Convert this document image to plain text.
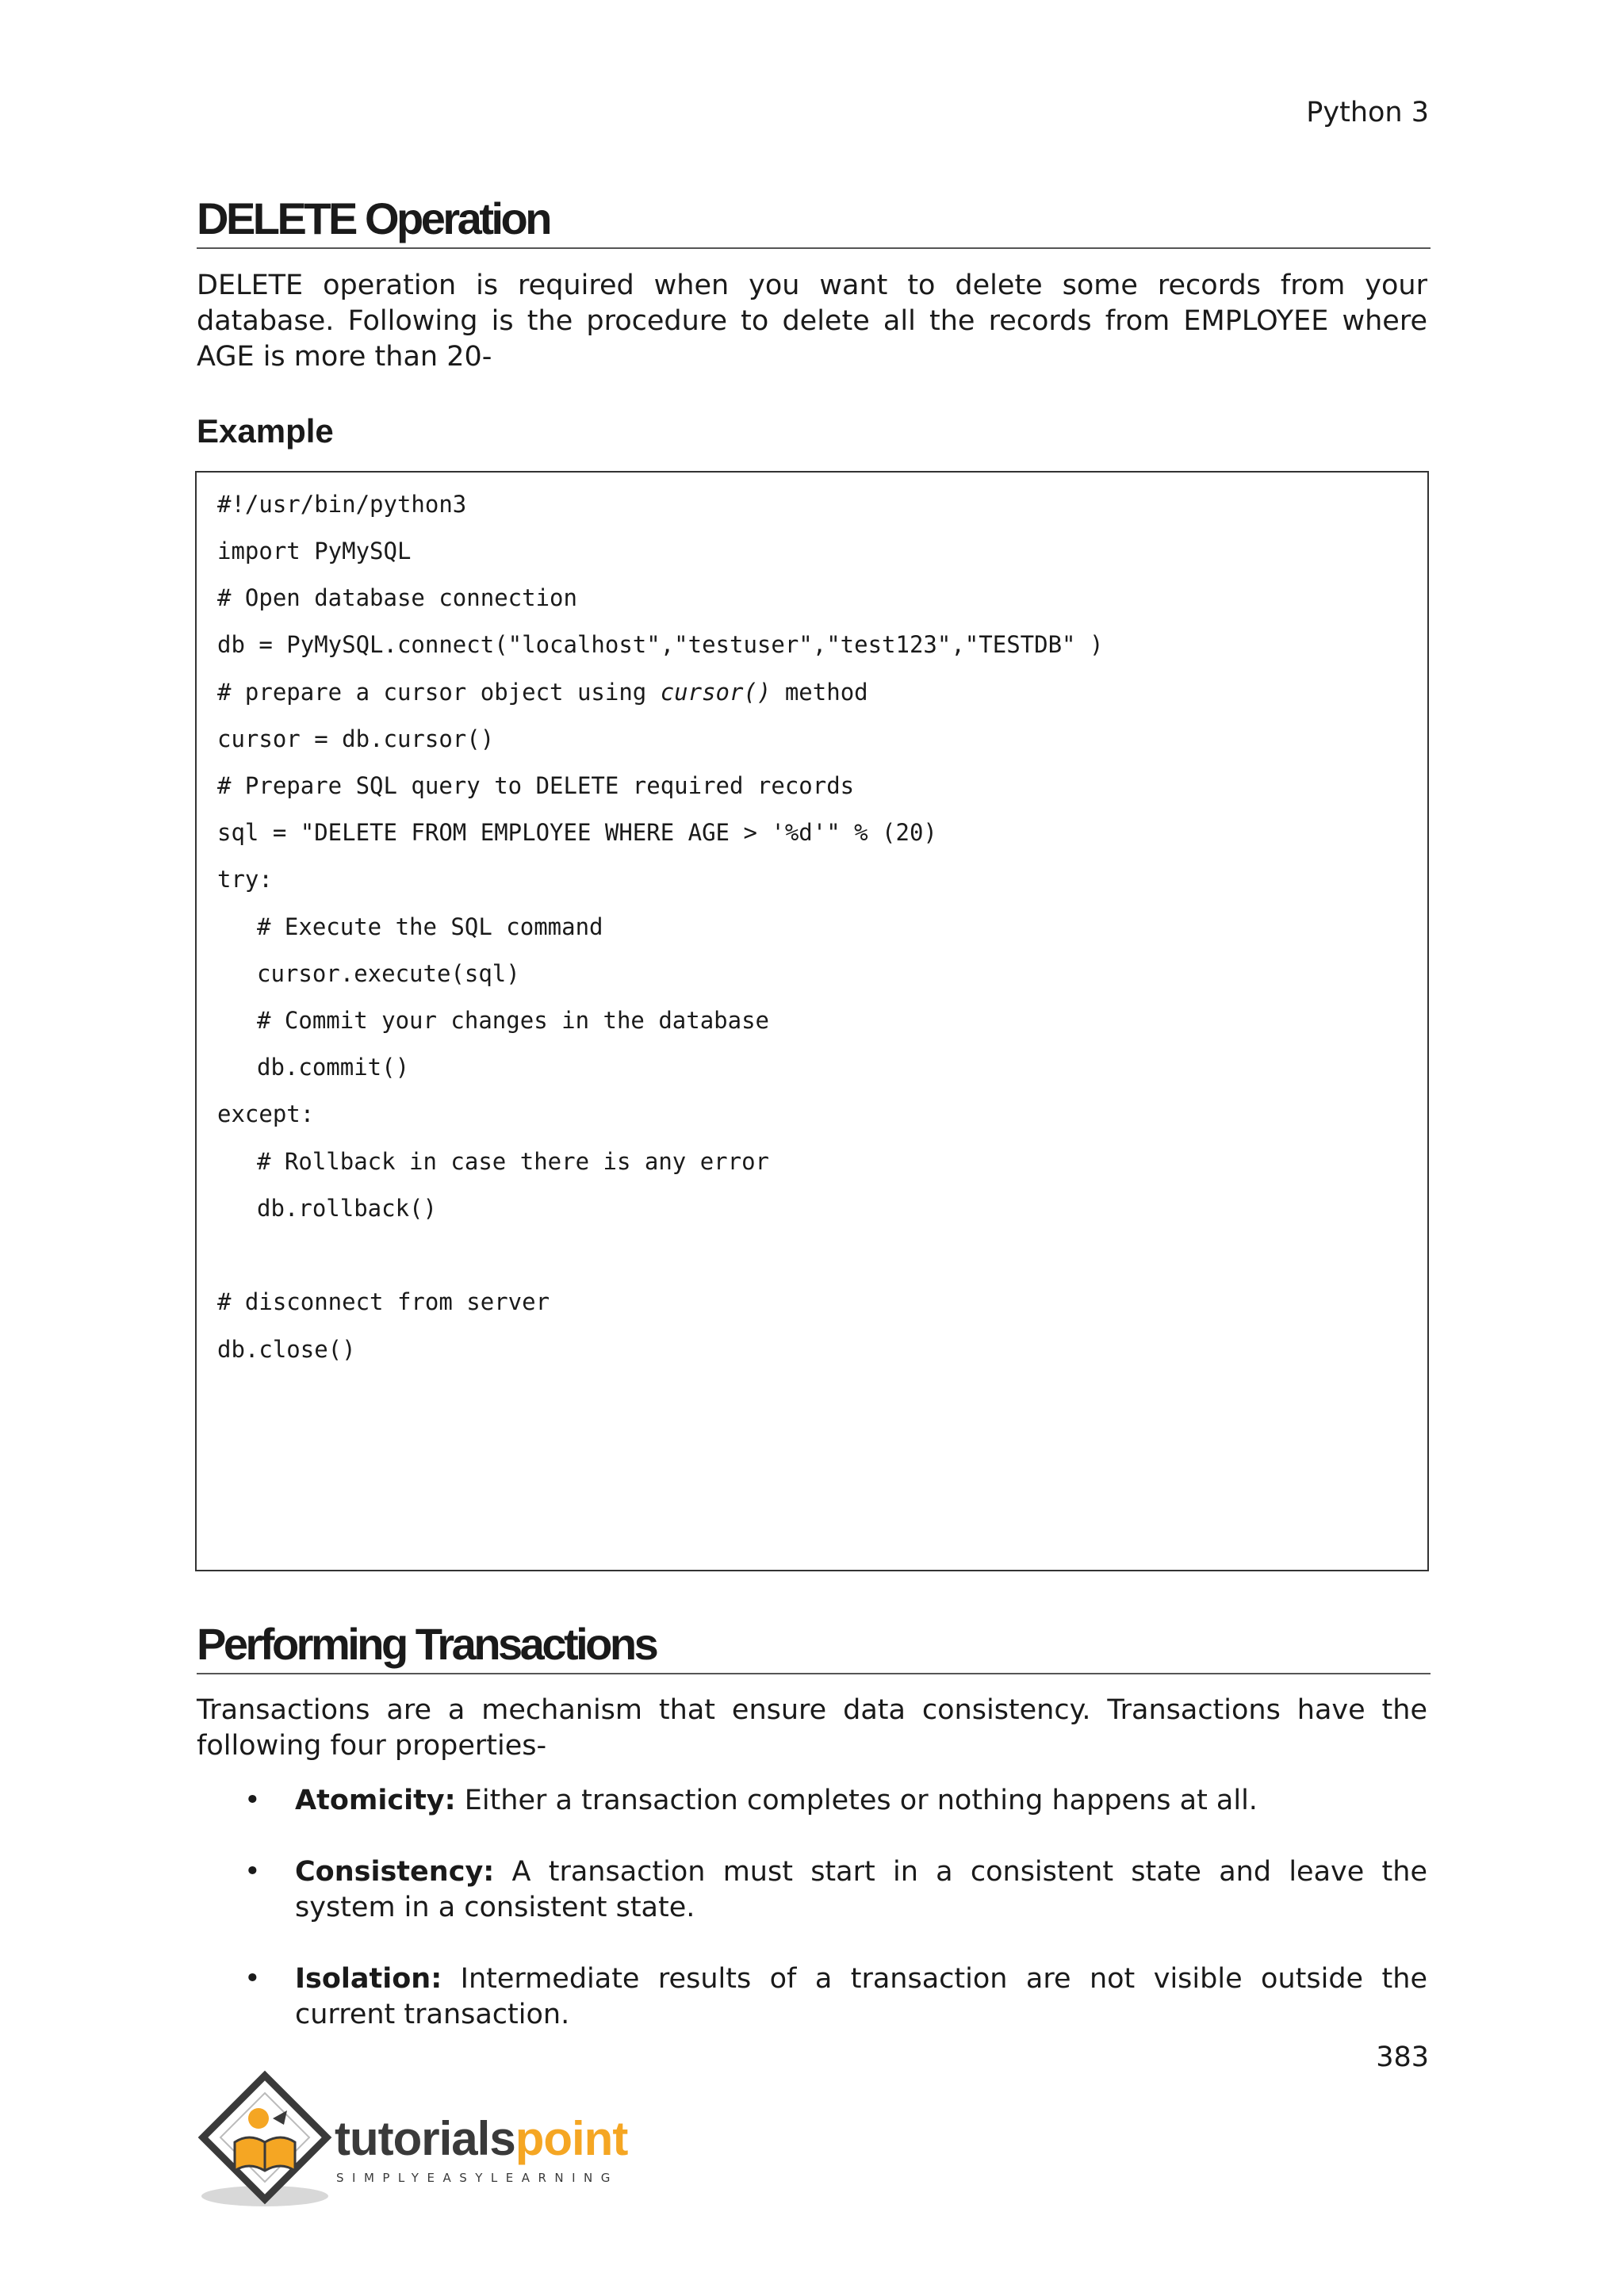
Python 3
DELETE Operation

DELETE operation is required when you want to delete some records from your database. Following is the procedure to delete all the records from EMPLOYEE where AGE is more than 20-

Example
#!/usr/bin/python3
import PyMySQL
# Open database connection
db = PyMySQL.connect("localhost","testuser","test123","TESTDB" )
# prepare a cursor object using cursor() method
cursor = db.cursor()
# Prepare SQL query to DELETE required records
sql = "DELETE FROM EMPLOYEE WHERE AGE > '%d'" % (20)
try:
# Execute the SQL command
cursor.execute(sql)
# Commit your changes in the database
db.commit()
except:
# Rollback in case there is any error
db.rollback()
# disconnect from server
db.close()
Performing Transactions

Transactions are a mechanism that ensure data consistency. Transactions have the following four properties-

• Atomicity: Either a transaction completes or nothing happens at all.
• Consistency: A transaction must start in a consistent state and leave the system in a consistent state.
• Isolation: Intermediate results of a transaction are not visible outside the current transaction.
383
tutorialspoint
SIMPLYEASYLEARNING
